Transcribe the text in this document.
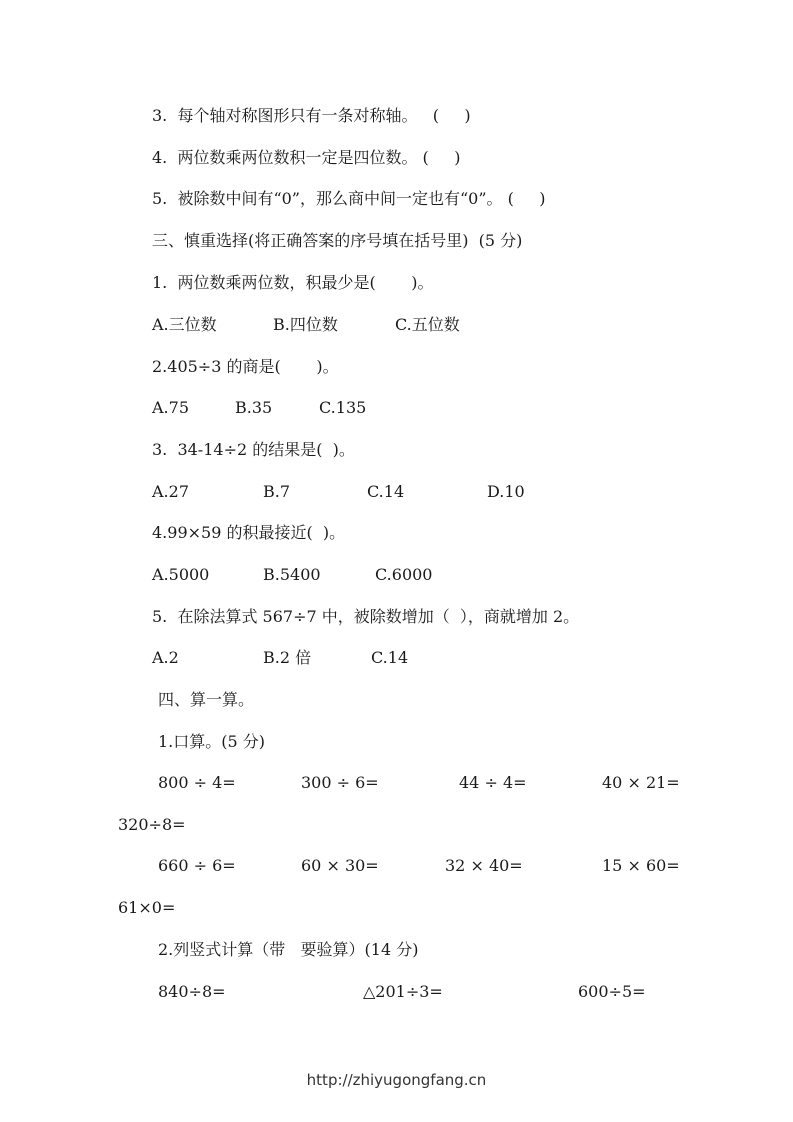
3.  每个轴对称图形只有一条对称轴。   (     )
4.  两位数乘两位数积一定是四位数。 (     )
5.  被除数中间有“0”，那么商中间一定也有“0”。 (     )
三、慎重选择(将正确答案的序号填在括号里)  (5 分)
1.  两位数乘两位数，积最少是(       )。
A.三位数	B.四位数	C.五位数
2.405÷3 的商是(       )。
A.75	B.35	C.135
3.  34-14÷2 的结果是(  )。
A.27	B.7	C.14	D.10
4.99×59 的积最接近(  )。
A.5000	B.5400	C.6000
5.  在除法算式 567÷7 中，被除数增加（  ），商就增加 2。
A.2	B.2 倍	C.14
四、算一算。
1.口算。(5 分)
800 ÷ 4=	300 ÷ 6=	44 ÷ 4=	40 × 21=
320÷8=
660 ÷ 6=	60 × 30=	32 × 40=	15 × 60=
61×0=
2.列竖式计算（带   要验算）(14 分)
840÷8=	△201÷3=	600÷5=
http://zhiyugongfang.cn
